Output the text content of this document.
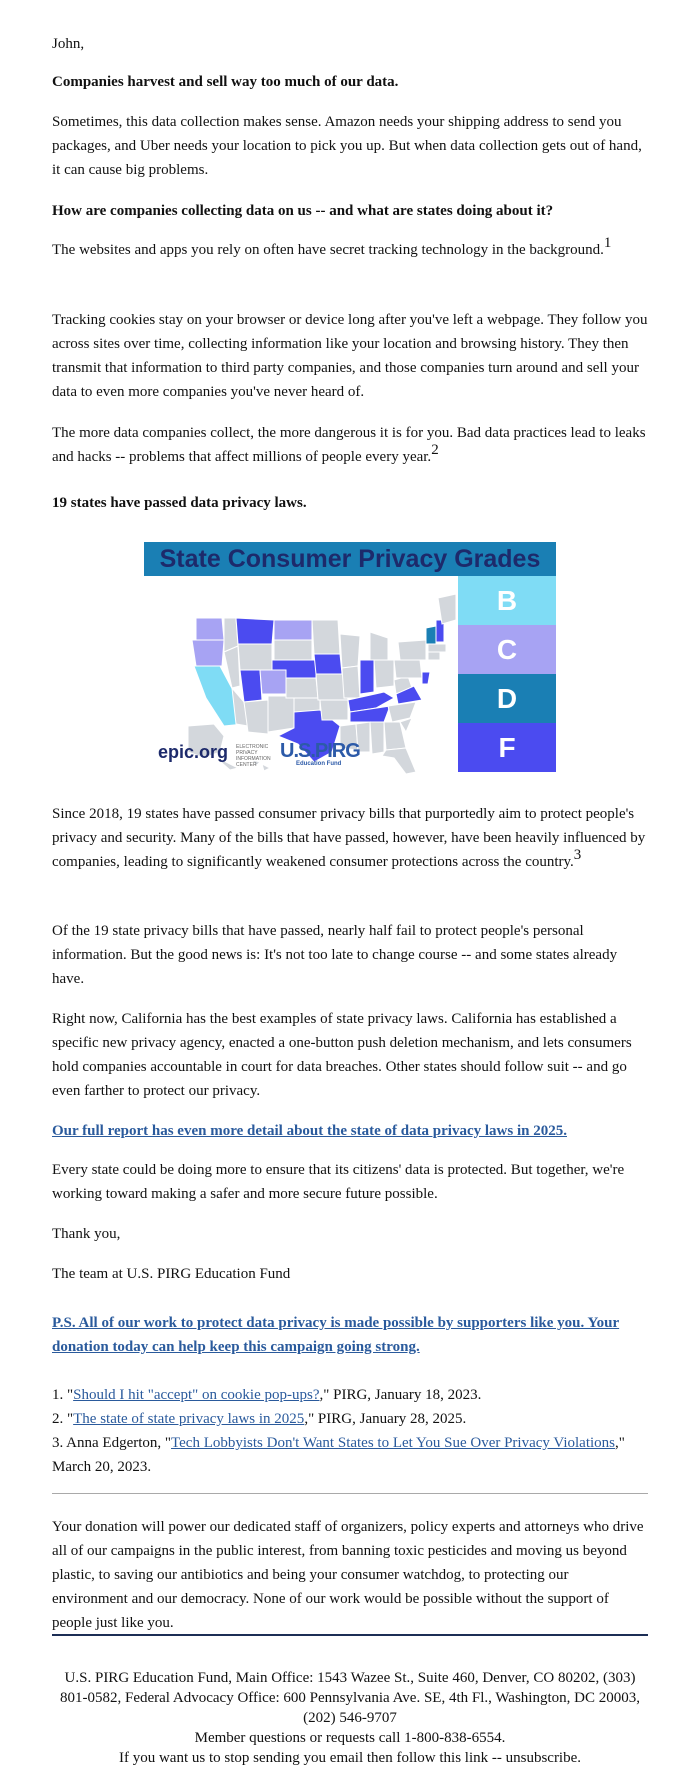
John,

Companies harvest and sell way too much of our data.

Sometimes, this data collection makes sense. Amazon needs your shipping address to send you packages, and Uber needs your location to pick you up. But when data collection gets out of hand, it can cause big problems.

How are companies collecting data on us -- and what are states doing about it?

The websites and apps you rely on often have secret tracking technology in the background.$^1$

Tracking cookies stay on your browser or device long after you've left a webpage. They follow you across sites over time, collecting information like your location and browsing history. They then transmit that information to third party companies, and those companies turn around and sell your data to even more companies you've never heard of.

The more data companies collect, the more dangerous it is for you. Bad data practices lead to leaks and hacks -- problems that affect millions of people every year.$^2$

19 states have passed data privacy laws.

Since 2018, 19 states have passed consumer privacy bills that purportedly aim to protect people's privacy and security. Many of the bills that have passed, however, have been heavily influenced by companies, leading to significantly weakened consumer protections across the country.$^3$

Of the 19 state privacy bills that have passed, nearly half fail to protect people's personal information. But the good news is: It's not too late to change course -- and some states already have.

Right now, California has the best examples of state privacy laws. California has established a specific new privacy agency, enacted a one-button push deletion mechanism, and lets consumers hold companies accountable in court for data breaches. Other states should follow suit -- and go even farther to protect our privacy.

Our full report has even more detail about the state of data privacy laws in 2025.

Every state could be doing more to ensure that its citizens' data is protected. But together, we're working toward making a safer and more secure future possible.

Thank you,

The team at U.S. PIRG Education Fund

P.S. All of our work to protect data privacy is made possible by supporters like you. Your donation today can help keep this campaign going strong.

1. "Should I hit "accept" on cookie pop-ups?," PIRG, January 18, 2023.

2. "The state of state privacy laws in 2025," PIRG, January 28, 2025.

3. Anna Edgerton, "Tech Lobbyists Don't Want States to Let You Sue Over Privacy Violations," March 20, 2023.

Your donation will power our dedicated staff of organizers, policy experts and attorneys who drive all of our campaigns in the public interest, from banning toxic pesticides and moving us beyond plastic, to saving our antibiotics and being your consumer watchdog, to protecting our environment and our democracy. None of our work would be possible without the support of people just like you.

State Consumer Privacy Grades
B
C
D
F
epic.org ELECTRONIC PRIVACY INFORMATION CENTER
U.S.PIRG
Education Fund
U.S. PIRG Education Fund, Main Office: 1543 Wazee St., Suite 460, Denver, CO 80202, (303) 801-0582, Federal Advocacy Office: 600 Pennsylvania Ave. SE, 4th Fl., Washington, DC 20003, (202) 546-9707
Member questions or requests call 1-800-838-6554.
If you want us to stop sending you email then follow this link -- unsubscribe.
